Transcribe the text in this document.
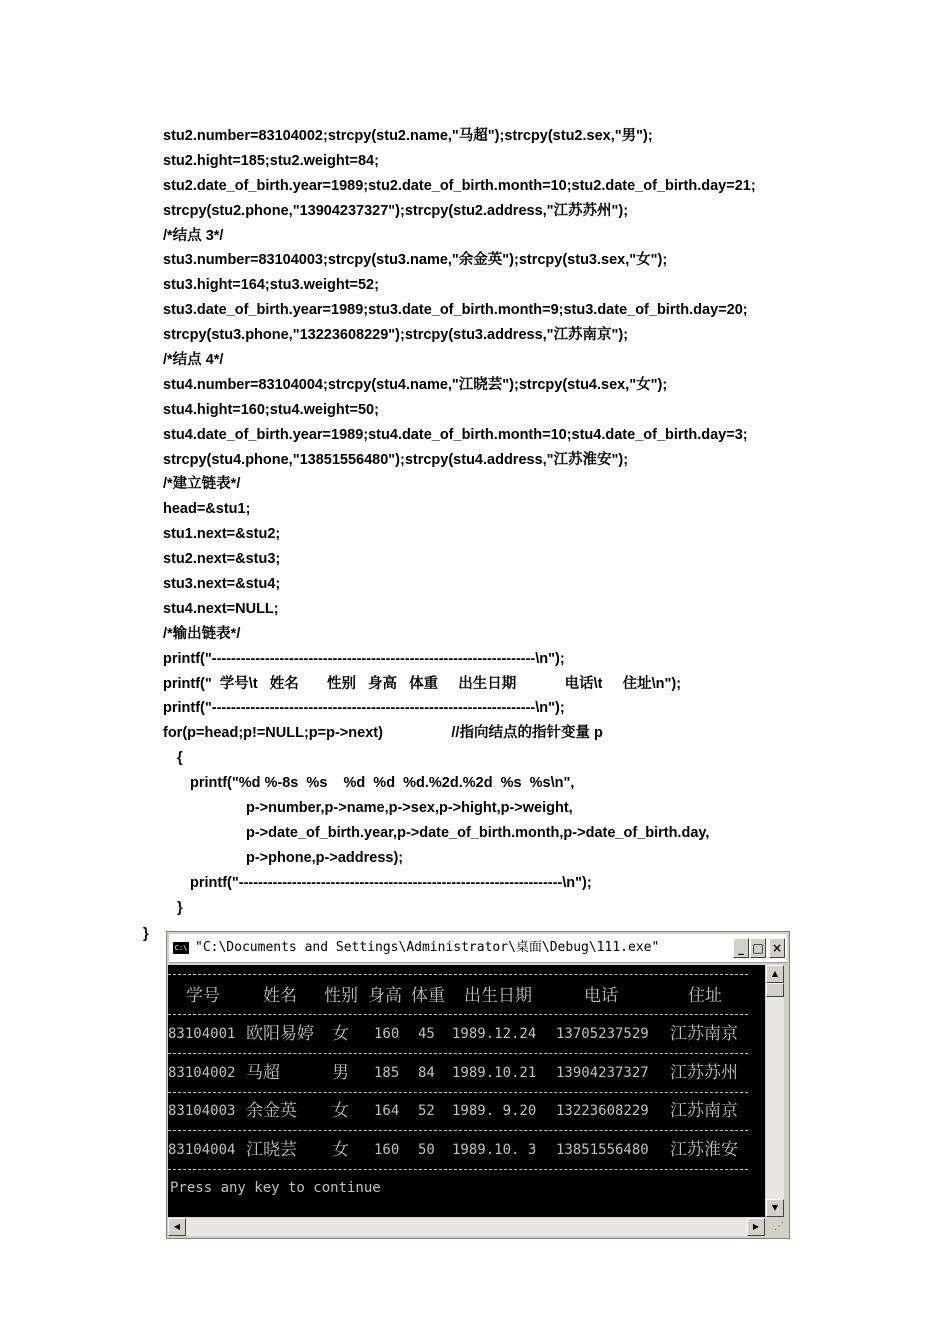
stu2.number=83104002;strcpy(stu2.name,"马超");strcpy(stu2.sex,"男");
stu2.hight=185;stu2.weight=84;
stu2.date_of_birth.year=1989;stu2.date_of_birth.month=10;stu2.date_of_birth.day=21;
strcpy(stu2.phone,"13904237327");strcpy(stu2.address,"江苏苏州");
/*结点 3*/
stu3.number=83104003;strcpy(stu3.name,"余金英");strcpy(stu3.sex,"女");
stu3.hight=164;stu3.weight=52;
stu3.date_of_birth.year=1989;stu3.date_of_birth.month=9;stu3.date_of_birth.day=20;
strcpy(stu3.phone,"13223608229");strcpy(stu3.address,"江苏南京");
/*结点 4*/
stu4.number=83104004;strcpy(stu4.name,"江晓芸");strcpy(stu4.sex,"女");
stu4.hight=160;stu4.weight=50;
stu4.date_of_birth.year=1989;stu4.date_of_birth.month=10;stu4.date_of_birth.day=3;
strcpy(stu4.phone,"13851556480");strcpy(stu4.address,"江苏淮安");
/*建立链表*/
head=&stu1;
stu1.next=&stu2;
stu2.next=&stu3;
stu3.next=&stu4;
stu4.next=NULL;
/*输出链表*/
printf("-------------------------------------------------------------------\n");
printf("  学号\t   姓名       性别   身高   体重     出生日期            电话\t     住址\n");
printf("-------------------------------------------------------------------\n");
for(p=head;p!=NULL;p=p->next)                 //指向结点的指针变量 p
{
printf("%d %-8s  %s    %d  %d  %d.%2d.%2d  %s  %s\n",
p->number,p->name,p->sex,p->hight,p->weight,
p->date_of_birth.year,p->date_of_birth.month,p->date_of_birth.day,
p->phone,p->address);
printf("-------------------------------------------------------------------\n");
}
}
C:\ "C:\Documents and Settings\Administrator\桌面\Debug\111.exe"	_ □ ×
学号	姓名 性别 身高 体重 出生日期	电话	住址
83104001 欧阳易婷 女 160 45 1989.12.24 13705237529 江苏南京
83104002 马超	男 185 84 1989.10.21 13904237327 江苏苏州
83104003 余金英 女 164 52 1989. 9.20 13223608229 江苏南京
83104004 江晓芸 女 160 50 1989.10. 3 13851556480 江苏淮安
Press any key to continue
▲
▼
◀	▶	⋰
